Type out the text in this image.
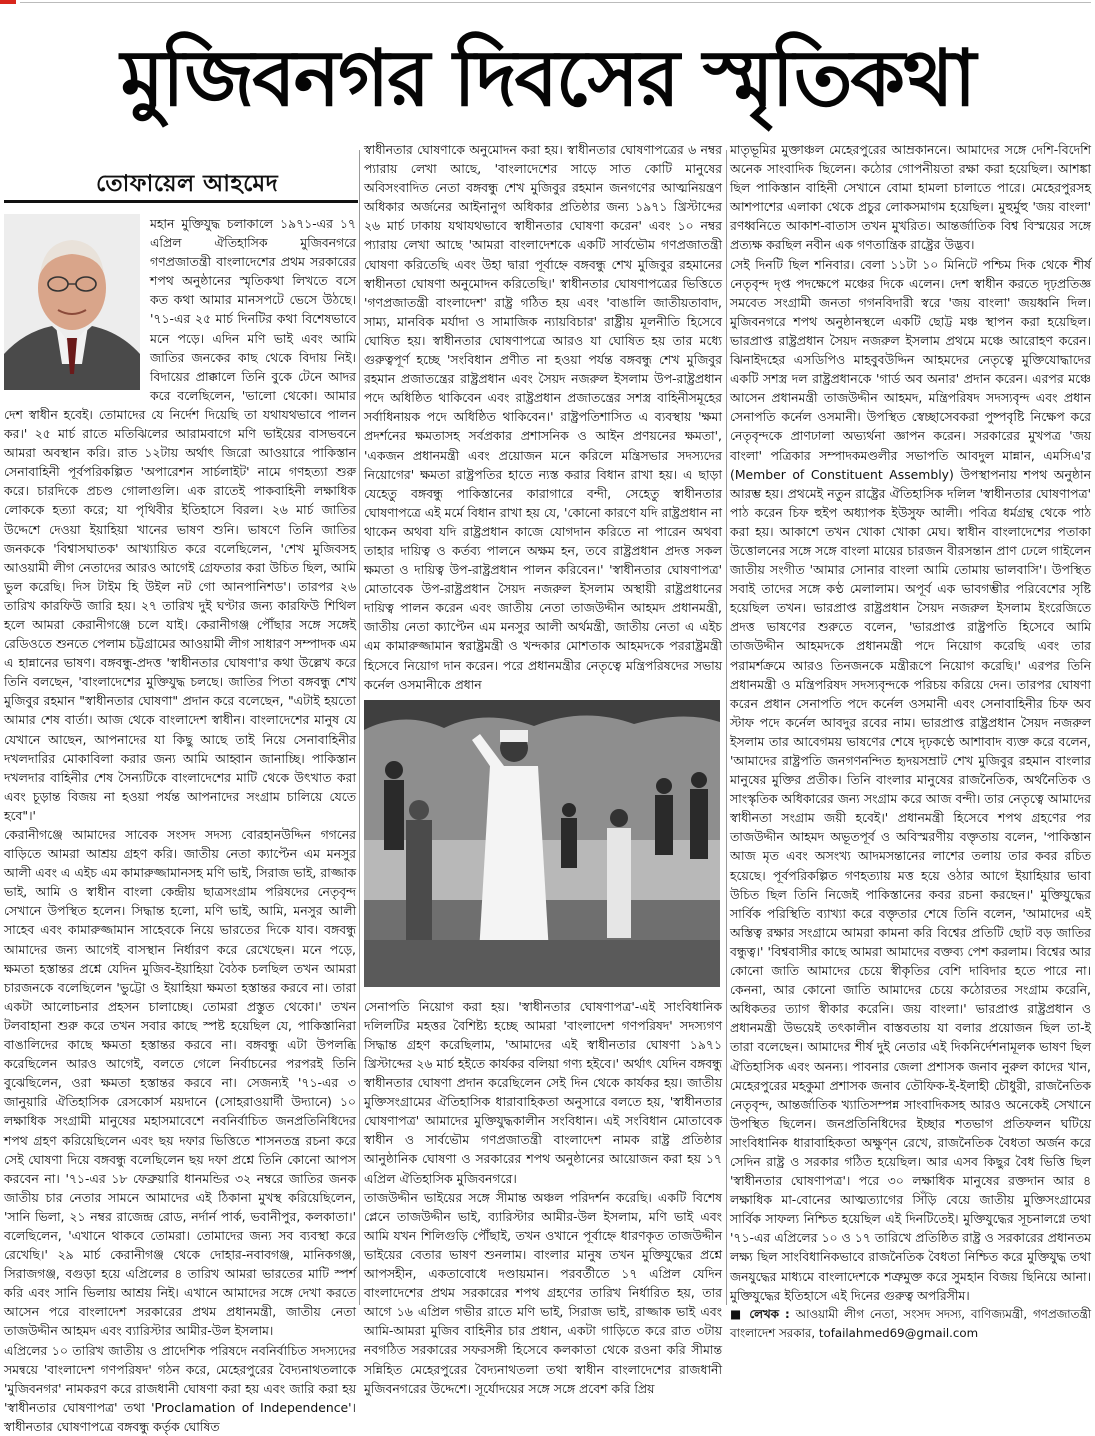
মুজিবনগর দিবসের স্মৃতিকথা
তোফায়েল আহমেদ

মহান মুক্তিযুদ্ধ চলাকালে ১৯৭১-এর ১৭ এপ্রিল ঐতিহাসিক মুজিবনগরে গণপ্রজাতন্ত্রী বাংলাদেশের প্রথম সরকারের শপথ অনুষ্ঠানের স্মৃতিকথা লিখতে বসে কত কথা আমার মানসপটে ভেসে উঠছে। '৭১-এর ২৫ মার্চ দিনটির কথা বিশেষভাবে মনে পড়ে। এদিন মণি ভাই এবং আমি জাতির জনকের কাছ থেকে বিদায় নিই। বিদায়ের প্রাক্কালে তিনি বুকে টেনে আদর করে বলেছিলেন, 'ভালো থেকো। আমার দেশ স্বাধীন হবেই। তোমাদের যে নির্দেশ দিয়েছি তা যথাযথভাবে পালন কর।' ২৫ মার্চ রাতে মতিঝিলের আরামবাগে মণি ভাইয়ের বাসভবনে আমরা অবস্থান করি। রাত ১২টায় অর্থাৎ জিরো আওয়ারে পাকিস্তান সেনাবাহিনী পূর্বপরিকল্পিত 'অপারেশন সার্চলাইট' নামে গণহত্যা শুরু করে। চারদিকে প্রচণ্ড গোলাগুলি। এক রাতেই পাকবাহিনী লক্ষাধিক লোককে হত্যা করে; যা পৃথিবীর ইতিহাসে বিরল। ২৬ মার্চ জাতির উদ্দেশে দেওয়া ইয়াহিয়া খানের ভাষণ শুনি। ভাষণে তিনি জাতির জনককে 'বিশ্বাসঘাতক' আখ্যায়িত করে বলেছিলেন, 'শেখ মুজিবসহ আওয়ামী লীগ নেতাদের আরও আগেই গ্রেফতার করা উচিত ছিল, আমি ভুল করেছি। দিস টাইম হি উইল নট গো আনপানিশড'। তারপর ২৬ তারিখ কারফিউ জারি হয়। ২৭ তারিখ দুই ঘণ্টার জন্য কারফিউ শিথিল হলে আমরা কেরানীগঞ্জে চলে যাই। কেরানীগঞ্জ পৌঁছার সঙ্গে সঙ্গেই রেডিওতে শুনতে পেলাম চট্টগ্রামের আওয়ামী লীগ সাধারণ সম্পাদক এম এ হান্নানের ভাষণ। বঙ্গবন্ধু-প্রদত্ত 'স্বাধীনতার ঘোষণা'র কথা উল্লেখ করে তিনি বলছেন, 'বাংলাদেশের মুক্তিযুদ্ধ চলছে। জাতির পিতা বঙ্গবন্ধু শেখ মুজিবুর রহমান "স্বাধীনতার ঘোষণা" প্রদান করে বলেছেন, "এটাই হয়তো আমার শেষ বার্তা। আজ থেকে বাংলাদেশ স্বাধীন। বাংলাদেশের মানুষ যে যেখানে আছেন, আপনাদের যা কিছু আছে তাই নিয়ে সেনাবাহিনীর দখলদারির মোকাবিলা করার জন্য আমি আহ্বান জানাচ্ছি। পাকিস্তান দখলদার বাহিনীর শেষ সৈন্যটিকে বাংলাদেশের মাটি থেকে উৎখাত করা এবং চূড়ান্ত বিজয় না হওয়া পর্যন্ত আপনাদের সংগ্রাম চালিয়ে যেতে হবে"।'

কেরানীগঞ্জে আমাদের সাবেক সংসদ সদস্য বোরহানউদ্দিন গগনের বাড়িতে আমরা আশ্রয় গ্রহণ করি। জাতীয় নেতা ক্যাপ্টেন এম মনসুর আলী এবং এ এইচ এম কামারুজ্জামানসহ মণি ভাই, সিরাজ ভাই, রাজ্জাক ভাই, আমি ও স্বাধীন বাংলা কেন্দ্রীয় ছাত্রসংগ্রাম পরিষদের নেতৃবৃন্দ সেখানে উপস্থিত হলেন। সিদ্ধান্ত হলো, মণি ভাই, আমি, মনসুর আলী সাহেব এবং কামারুজ্জামান সাহেবকে নিয়ে ভারতের দিকে যাব। বঙ্গবন্ধু আমাদের জন্য আগেই বাসস্থান নির্ধারণ করে রেখেছেন। মনে পড়ে, ক্ষমতা হস্তান্তর প্রশ্নে যেদিন মুজিব-ইয়াহিয়া বৈঠক চলছিল তখন আমরা চারজনকে বলেছিলেন 'ভুট্টো ও ইয়াহিয়া ক্ষমতা হস্তান্তর করবে না। তারা একটা আলোচনার প্রহসন চালাচ্ছে। তোমরা প্রস্তুত থেকো।' তখন টলবাহানা শুরু করে তখন সবার কাছে স্পষ্ট হয়েছিল যে, পাকিস্তানিরা বাঙালিদের কাছে ক্ষমতা হস্তান্তর করবে না। বঙ্গবন্ধু এটা উপলব্ধি করেছিলেন আরও আগেই, বলতে গেলে নির্বাচনের পরপরই তিনি বুঝেছিলেন, ওরা ক্ষমতা হস্তান্তর করবে না। সেজন্যই '৭১-এর ৩ জানুয়ারি ঐতিহাসিক রেসকোর্স ময়দানে (সোহরাওয়ার্দী উদ্যানে) ১০ লক্ষাধিক সংগ্রামী মানুষের মহাসমাবেশে নবনির্বাচিত জনপ্রতিনিধিদের শপথ গ্রহণ করিয়েছিলেন এবং ছয় দফার ভিত্তিতে শাসনতন্ত্র রচনা করে সেই ঘোষণা দিয়ে বঙ্গবন্ধু বলেছিলেন ছয় দফা প্রশ্নে তিনি কোনো আপস করবেন না। '৭১-এর ১৮ ফেব্রুয়ারি ধানমন্ডির ৩২ নম্বরে জাতির জনক জাতীয় চার নেতার সামনে আমাদের এই ঠিকানা মুখস্থ করিয়েছিলেন, 'সানি ভিলা, ২১ নম্বর রাজেন্দ্র রোড, নর্দার্ন পার্ক, ভবানীপুর, কলকাতা।' বলেছিলেন, 'এখানে থাকবে তোমরা। তোমাদের জন্য সব ব্যবস্থা করে রেখেছি।' ২৯ মার্চ কেরানীগঞ্জ থেকে দোহার-নবাবগঞ্জ, মানিকগঞ্জ, সিরাজগঞ্জ, বগুড়া হয়ে এপ্রিলের ৪ তারিখ আমরা ভারতের মাটি স্পর্শ করি এবং সানি ভিলায় আশ্রয় নিই। এখানে আমাদের সঙ্গে দেখা করতে আসেন পরে বাংলাদেশ সরকারের প্রথম প্রধানমন্ত্রী, জাতীয় নেতা তাজউদ্দীন আহমদ এবং ব্যারিস্টার আমীর-উল ইসলাম।

এপ্রিলের ১০ তারিখ জাতীয় ও প্রাদেশিক পরিষদে নবনির্বাচিত সদস্যদের সমন্বয়ে 'বাংলাদেশ গণপরিষদ' গঠন করে, মেহেরপুরের বৈদ্যনাথতলাকে 'মুজিবনগর' নামকরণ করে রাজধানী ঘোষণা করা হয় এবং জারি করা হয় 'স্বাধীনতার ঘোষণাপত্র' তথা 'Proclamation of Independence'। স্বাধীনতার ঘোষণাপত্রে বঙ্গবন্ধু কর্তৃক ঘোষিত

স্বাধীনতার ঘোষণাকে অনুমোদন করা হয়। স্বাধীনতার ঘোষণাপত্রের ৬ নম্বর প্যারায় লেখা আছে, 'বাংলাদেশের সাড়ে সাত কোটি মানুষের অবিসংবাদিত নেতা বঙ্গবন্ধু শেখ মুজিবুর রহমান জনগণের আত্মনিয়ন্ত্রণ অধিকার অর্জনের আইনানুগ অধিকার প্রতিষ্ঠার জন্য ১৯৭১ খ্রিস্টাব্দের ২৬ মার্চ ঢাকায় যথাযথভাবে স্বাধীনতার ঘোষণা করেন' এবং ১০ নম্বর প্যারায় লেখা আছে 'আমরা বাংলাদেশকে একটি সার্বভৌম গণপ্রজাতন্ত্রী ঘোষণা করিতেছি এবং উহা দ্বারা পূর্বাহ্নে বঙ্গবন্ধু শেখ মুজিবুর রহমানের স্বাধীনতা ঘোষণা অনুমোদন করিতেছি।' স্বাধীনতার ঘোষণাপত্রের ভিত্তিতে 'গণপ্রজাতন্ত্রী বাংলাদেশ' রাষ্ট্র গঠিত হয় এবং 'বাঙালি জাতীয়তাবাদ, সাম্য, মানবিক মর্যাদা ও সামাজিক ন্যায়বিচার' রাষ্ট্রীয় মূলনীতি হিসেবে ঘোষিত হয়। স্বাধীনতার ঘোষণাপত্রে আরও যা ঘোষিত হয় তার মধ্যে গুরুত্বপূর্ণ হচ্ছে 'সংবিধান প্রণীত না হওয়া পর্যন্ত বঙ্গবন্ধু শেখ মুজিবুর রহমান প্রজাতন্ত্রের রাষ্ট্রপ্রধান এবং সৈয়দ নজরুল ইসলাম উপ-রাষ্ট্রপ্রধান পদে অধিষ্ঠিত থাকিবেন এবং রাষ্ট্রপ্রধান প্রজাতন্ত্রের সশস্ত্র বাহিনীসমূহের সর্বাধিনায়ক পদে অধিষ্ঠিত থাকিবেন।' রাষ্ট্রপতিশাসিত এ ব্যবস্থায় 'ক্ষমা প্রদর্শনের ক্ষমতাসহ সর্বপ্রকার প্রশাসনিক ও আইন প্রণয়নের ক্ষমতা', 'একজন প্রধানমন্ত্রী এবং প্রয়োজন মনে করিলে মন্ত্রিসভার সদস্যদের নিয়োগের' ক্ষমতা রাষ্ট্রপতির হাতে ন্যস্ত করার বিধান রাখা হয়। এ ছাড়া যেহেতু বঙ্গবন্ধু পাকিস্তানের কারাগারে বন্দী, সেহেতু স্বাধীনতার ঘোষণাপত্রে এই মর্মে বিধান রাখা হয় যে, 'কোনো কারণে যদি রাষ্ট্রপ্রধান না থাকেন অথবা যদি রাষ্ট্রপ্রধান কাজে যোগদান করিতে না পারেন অথবা তাহার দায়িত্ব ও কর্তব্য পালনে অক্ষম হন, তবে রাষ্ট্রপ্রধান প্রদত্ত সকল ক্ষমতা ও দায়িত্ব উপ-রাষ্ট্রপ্রধান পালন করিবেন।' 'স্বাধীনতার ঘোষণাপত্র' মোতাবেক উপ-রাষ্ট্রপ্রধান সৈয়দ নজরুল ইসলাম অস্থায়ী রাষ্ট্রপ্রধানের দায়িত্ব পালন করেন এবং জাতীয় নেতা তাজউদ্দীন আহমদ প্রধানমন্ত্রী, জাতীয় নেতা ক্যাপ্টেন এম মনসুর আলী অর্থমন্ত্রী, জাতীয় নেতা এ এইচ এম কামারুজ্জামান স্বরাষ্ট্রমন্ত্রী ও খন্দকার মোশতাক আহমদকে পররাষ্ট্রমন্ত্রী হিসেবে নিয়োগ দান করেন। পরে প্রধানমন্ত্রীর নেতৃত্বে মন্ত্রিপরিষদের সভায় কর্নেল ওসমানীকে প্রধান

সেনাপতি নিয়োগ করা হয়। 'স্বাধীনতার ঘোষণাপত্র'-এই সাংবিধানিক দলিলটির মহত্তর বৈশিষ্ট্য হচ্ছে আমরা 'বাংলাদেশ গণপরিষদ' সদস্যগণ সিদ্ধান্ত গ্রহণ করেছিলাম, 'আমাদের এই স্বাধীনতার ঘোষণা ১৯৭১ খ্রিস্টাব্দের ২৬ মার্চ হইতে কার্যকর বলিয়া গণ্য হইবে।' অর্থাৎ যেদিন বঙ্গবন্ধু স্বাধীনতার ঘোষণা প্রদান করেছিলেন সেই দিন থেকে কার্যকর হয়। জাতীয় মুক্তিসংগ্রামের ঐতিহাসিক ধারাবাহিকতা অনুসারে বলতে হয়, 'স্বাধীনতার ঘোষণাপত্র' আমাদের মুক্তিযুদ্ধকালীন সংবিধান। এই সংবিধান মোতাবেক স্বাধীন ও সার্বভৌম গণপ্রজাতন্ত্রী বাংলাদেশ নামক রাষ্ট্র প্রতিষ্ঠার আনুষ্ঠানিক ঘোষণা ও সরকারের শপথ অনুষ্ঠানের আয়োজন করা হয় ১৭ এপ্রিল ঐতিহাসিক মুজিবনগরে।

তাজউদ্দীন ভাইয়ের সঙ্গে সীমান্ত অঞ্চল পরিদর্শন করেছি। একটি বিশেষ প্লেনে তাজউদ্দীন ভাই, ব্যারিস্টার আমীর-উল ইসলাম, মণি ভাই এবং আমি যখন শিলিগুড়ি পৌঁছাই, তখন ওখানে পূর্বাহ্নে ধারণকৃত তাজউদ্দীন ভাইয়ের বেতার ভাষণ শুনলাম। বাংলার মানুষ তখন মুক্তিযুদ্ধের প্রশ্নে আপসহীন, একতাবোধে দণ্ডায়মান। পরবর্তীতে ১৭ এপ্রিল যেদিন বাংলাদেশের প্রথম সরকারের শপথ গ্রহণের তারিখ নির্ধারিত হয়, তার আগে ১৬ এপ্রিল গভীর রাতে মণি ভাই, সিরাজ ভাই, রাজ্জাক ভাই এবং আমি-আমরা মুজিব বাহিনীর চার প্রধান, একটা গাড়িতে করে রাত ৩টায় নবগঠিত সরকারের সফরসঙ্গী হিসেবে কলকাতা থেকে রওনা করি সীমান্ত সন্নিহিত মেহেরপুরের বৈদ্যনাথতলা তথা স্বাধীন বাংলাদেশের রাজধানী মুজিবনগরের উদ্দেশে। সূর্যোদয়ের সঙ্গে সঙ্গে প্রবেশ করি প্রিয়

মাতৃভূমির মুক্তাঞ্চল মেহেরপুরের আম্রকাননে। আমাদের সঙ্গে দেশি-বিদেশি অনেক সাংবাদিক ছিলেন। কঠোর গোপনীয়তা রক্ষা করা হয়েছিল। আশঙ্কা ছিল পাকিস্তান বাহিনী সেখানে বোমা হামলা চালাতে পারে। মেহেরপুরসহ আশপাশের এলাকা থেকে প্রচুর লোকসমাগম হয়েছিল। মুহুর্মুহু 'জয় বাংলা' রণধ্বনিতে আকাশ-বাতাস তখন মুখরিত। আন্তর্জাতিক বিশ্ব বিস্ময়ের সঙ্গে প্রত্যক্ষ করছিল নবীন এক গণতান্ত্রিক রাষ্ট্রের উদ্ভব।

সেই দিনটি ছিল শনিবার। বেলা ১১টা ১০ মিনিটে পশ্চিম দিক থেকে শীর্ষ নেতৃবৃন্দ দৃপ্ত পদক্ষেপে মঞ্চের দিকে এলেন। দেশ স্বাধীন করতে দৃঢ়প্রতিজ্ঞ সমবেত সংগ্রামী জনতা গগনবিদারী স্বরে 'জয় বাংলা' জয়ধ্বনি দিল। মুজিবনগরে শপথ অনুষ্ঠানস্থলে একটি ছোট্ট মঞ্চ স্থাপন করা হয়েছিল। ভারপ্রাপ্ত রাষ্ট্রপ্রধান সৈয়দ নজরুল ইসলাম প্রথমে মঞ্চে আরোহণ করেন। ঝিনাইদহের এসডিপিও মাহবুবউদ্দিন আহমদের নেতৃত্বে মুক্তিযোদ্ধাদের একটি সশস্ত্র দল রাষ্ট্রপ্রধানকে 'গার্ড অব অনার' প্রদান করেন। এরপর মঞ্চে আসেন প্রধানমন্ত্রী তাজউদ্দীন আহমদ, মন্ত্রিপরিষদ সদস্যবৃন্দ এবং প্রধান সেনাপতি কর্নেল ওসমানী। উপস্থিত স্বেচ্ছাসেবকরা পুষ্পবৃষ্টি নিক্ষেপ করে নেতৃবৃন্দকে প্রাণঢালা অভ্যর্থনা জ্ঞাপন করেন। সরকারের মুখপত্র 'জয় বাংলা' পত্রিকার সম্পাদকমণ্ডলীর সভাপতি আবদুল মান্নান, এমসিএ'র (Member of Constituent Assembly) উপস্থাপনায় শপথ অনুষ্ঠান আরম্ভ হয়। প্রথমেই নতুন রাষ্ট্রের ঐতিহাসিক দলিল 'স্বাধীনতার ঘোষণাপত্র' পাঠ করেন চিফ হুইপ অধ্যাপক ইউসুফ আলী। পবিত্র ধর্মগ্রন্থ থেকে পাঠ করা হয়। আকাশে তখন খোকা খোকা মেঘ। স্বাধীন বাংলাদেশের পতাকা উত্তোলনের সঙ্গে সঙ্গে বাংলা মায়ের চারজন বীরসন্তান প্রাণ ঢেলে গাইলেন জাতীয় সংগীত 'আমার সোনার বাংলা আমি তোমায় ভালবাসি'। উপস্থিত সবাই তাদের সঙ্গে কণ্ঠ মেলালাম। অপূর্ব এক ভাবগম্ভীর পরিবেশের সৃষ্টি হয়েছিল তখন। ভারপ্রাপ্ত রাষ্ট্রপ্রধান সৈয়দ নজরুল ইসলাম ইংরেজিতে প্রদত্ত ভাষণের শুরুতে বলেন, 'ভারপ্রাপ্ত রাষ্ট্রপতি হিসেবে আমি তাজউদ্দীন আহমদকে প্রধানমন্ত্রী পদে নিয়োগ করেছি এবং তার পরামর্শক্রমে আরও তিনজনকে মন্ত্রীরূপে নিয়োগ করেছি।' এরপর তিনি প্রধানমন্ত্রী ও মন্ত্রিপরিষদ সদস্যবৃন্দকে পরিচয় করিয়ে দেন। তারপর ঘোষণা করেন প্রধান সেনাপতি পদে কর্নেল ওসমানী এবং সেনাবাহিনীর চিফ অব স্টাফ পদে কর্নেল আবদুর রবের নাম। ভারপ্রাপ্ত রাষ্ট্রপ্রধান সৈয়দ নজরুল ইসলাম তার আবেগময় ভাষণের শেষে দৃঢ়কণ্ঠে আশাবাদ ব্যক্ত করে বলেন, 'আমাদের রাষ্ট্রপতি জনগণনন্দিত হৃদয়সম্রাট শেখ মুজিবুর রহমান বাংলার মানুষের মুক্তির প্রতীক। তিনি বাংলার মানুষের রাজনৈতিক, অর্থনৈতিক ও সাংস্কৃতিক অধিকারের জন্য সংগ্রাম করে আজ বন্দী। তার নেতৃত্বে আমাদের স্বাধীনতা সংগ্রাম জয়ী হবেই।' প্রধানমন্ত্রী হিসেবে শপথ গ্রহণের পর তাজউদ্দীন আহমদ অভূতপূর্ব ও অবিস্মরণীয় বক্তৃতায় বলেন, 'পাকিস্তান আজ মৃত এবং অসংখ্য আদমসন্তানের লাশের তলায় তার কবর রচিত হয়েছে। পূর্বপরিকল্পিত গণহত্যায় মত্ত হয়ে ওঠার আগে ইয়াহিয়ার ভাবা উচিত ছিল তিনি নিজেই পাকিস্তানের কবর রচনা করছেন।' মুক্তিযুদ্ধের সার্বিক পরিস্থিতি ব্যাখ্যা করে বক্তৃতার শেষে তিনি বলেন, 'আমাদের এই অস্তিত্ব রক্ষার সংগ্রামে আমরা কামনা করি বিশ্বের প্রতিটি ছোট বড় জাতির বন্ধুত্ব।' 'বিশ্ববাসীর কাছে আমরা আমাদের বক্তব্য পেশ করলাম। বিশ্বের আর কোনো জাতি আমাদের চেয়ে স্বীকৃতির বেশি দাবিদার হতে পারে না। কেননা, আর কোনো জাতি আমাদের চেয়ে কঠোরতর সংগ্রাম করেনি, অধিকতর ত্যাগ স্বীকার করেনি। জয় বাংলা।' ভারপ্রাপ্ত রাষ্ট্রপ্রধান ও প্রধানমন্ত্রী উভয়েই তৎকালীন বাস্তবতায় যা বলার প্রয়োজন ছিল তা-ই তারা বলেছেন। আমাদের শীর্ষ দুই নেতার এই দিকনির্দেশনামূলক ভাষণ ছিল ঐতিহাসিক এবং অনন্য। পাবনার জেলা প্রশাসক জনাব নুরুল কাদের খান, মেহেরপুরের মহকুমা প্রশাসক জনাব তৌফিক-ই-ইলাহী চৌধুরী, রাজনৈতিক নেতৃবৃন্দ, আন্তর্জাতিক খ্যাতিসম্পন্ন সাংবাদিকসহ আরও অনেকেই সেখানে উপস্থিত ছিলেন। জনপ্রতিনিধিদের ইচ্ছার শতভাগ প্রতিফলন ঘটিয়ে সাংবিধানিক ধারাবাহিকতা অক্ষুণ্ন রেখে, রাজনৈতিক বৈধতা অর্জন করে সেদিন রাষ্ট্র ও সরকার গঠিত হয়েছিল। আর এসব কিছুর বৈধ ভিত্তি ছিল 'স্বাধীনতার ঘোষণাপত্র'। পরে ৩০ লক্ষাধিক মানুষের রক্তদান আর ৪ লক্ষাধিক মা-বোনের আত্মত্যাগের সিঁড়ি বেয়ে জাতীয় মুক্তিসংগ্রামের সার্বিক সাফল্য নিশ্চিত হয়েছিল এই দিনটিতেই। মুক্তিযুদ্ধের সূচনালগ্নে তথা '৭১-এর এপ্রিলের ১০ ও ১৭ তারিখে প্রতিষ্ঠিত রাষ্ট্র ও সরকারের প্রধানতম লক্ষ্য ছিল সাংবিধানিকভাবে রাজনৈতিক বৈধতা নিশ্চিত করে মুক্তিযুদ্ধ তথা জনযুদ্ধের মাধ্যমে বাংলাদেশকে শত্রুমুক্ত করে সুমহান বিজয় ছিনিয়ে আনা। মুক্তিযুদ্ধের ইতিহাসে এই দিনের গুরুত্ব অপরিসীম।

■ লেখক : আওয়ামী লীগ নেতা, সংসদ সদস্য, বাণিজ্যমন্ত্রী, গণপ্রজাতন্ত্রী বাংলাদেশ সরকার, tofailahmed69@gmail.com
